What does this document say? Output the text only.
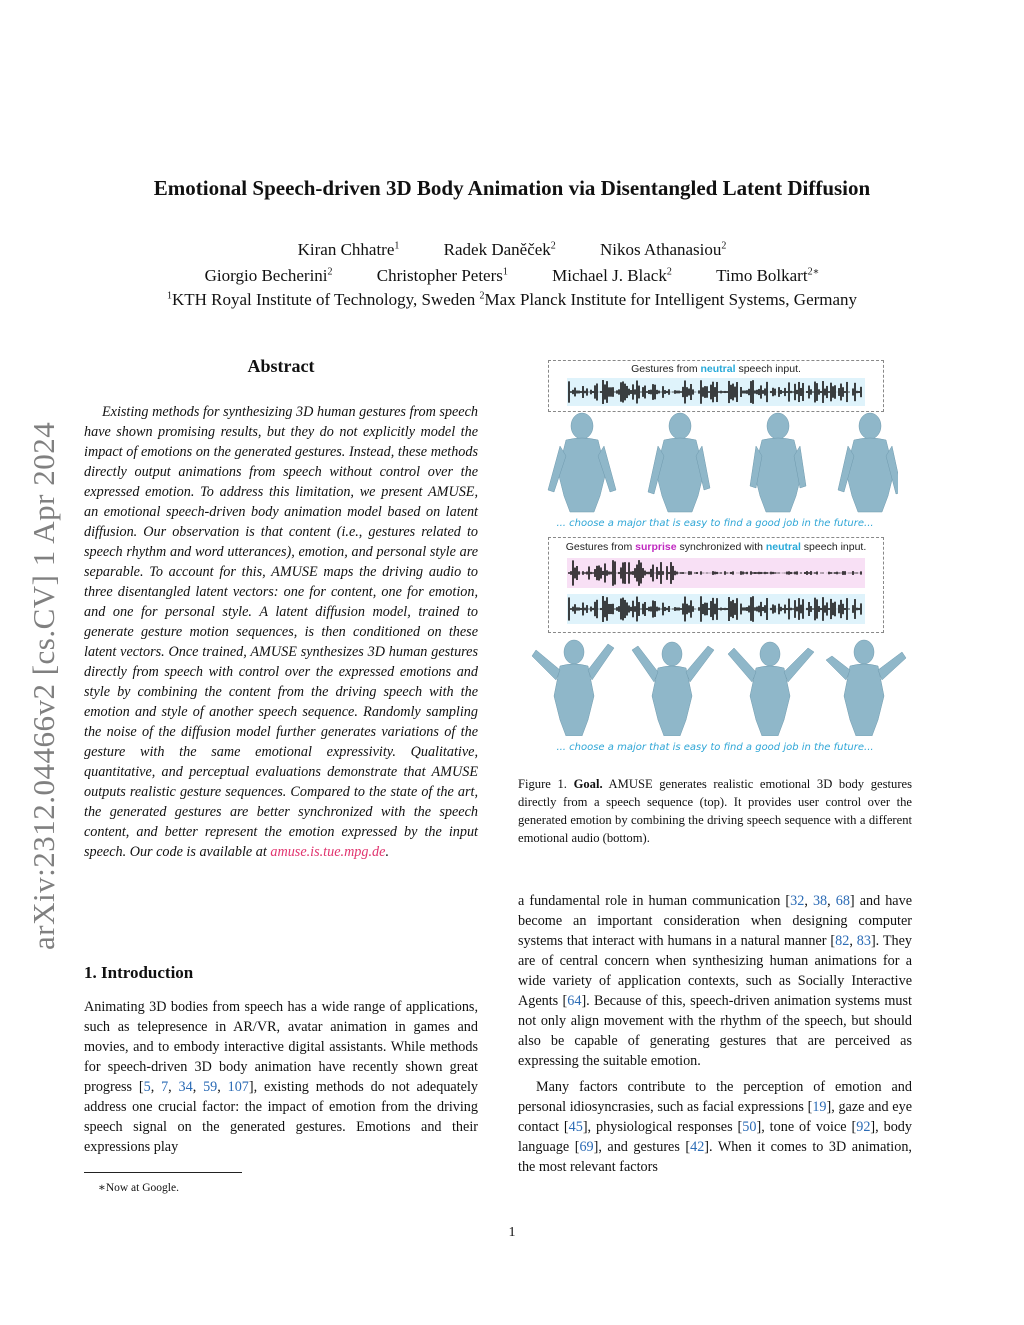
Emotional Speech-driven 3D Body Animation via Disentangled Latent Diffusion
Kiran Chhatre$^1$	Radek Daněček$^2$	Nikos Athanasiou$^2$
Giorgio Becherini$^2$	Christopher Peters$^1$	Michael J. Black$^2$	Timo Bolkart$^{2∗}$
$^1$KTH Royal Institute of Technology, Sweden $^2$Max Planck Institute for Intelligent Systems, Germany
arXiv:2312.04466v2 [cs.CV] 1 Apr 2024
Abstract
Existing methods for synthesizing 3D human gestures from speech have shown promising results, but they do not explicitly model the impact of emotions on the generated gestures. Instead, these methods directly output animations from speech without control over the expressed emotion. To address this limitation, we present AMUSE, an emotional speech-driven body animation model based on latent diffusion. Our observation is that content (i.e., gestures related to speech rhythm and word utterances), emotion, and personal style are separable. To account for this, AMUSE maps the driving audio to three disentangled latent vectors: one for content, one for emotion, and one for personal style. A latent diffusion model, trained to generate gesture motion sequences, is then conditioned on these latent vectors. Once trained, AMUSE synthesizes 3D human gestures directly from speech with control over the expressed emotions and style by combining the content from the driving speech with the emotion and style of another speech sequence. Randomly sampling the noise of the diffusion model further generates variations of the gesture with the same emotional expressivity. Qualitative, quantitative, and perceptual evaluations demonstrate that AMUSE outputs realistic gesture sequences. Compared to the state of the art, the generated gestures are better synchronized with the speech content, and better represent the emotion expressed by the input speech. Our code is available at amuse.is.tue.mpg.de.
1. Introduction
Animating 3D bodies from speech has a wide range of applications, such as telepresence in AR/VR, avatar animation in games and movies, and to embody interactive digital assistants. While methods for speech-driven 3D body animation have recently shown great progress [5, 7, 34, 59, 107], existing methods do not adequately address one crucial factor: the impact of emotion from the driving speech signal on the generated gestures. Emotions and their expressions play
∗Now at Google.
Gestures from neutral speech input.
... choose a major that is easy to find a good job in the future...
Gestures from surprise synchronized with neutral speech input.
... choose a major that is easy to find a good job in the future...
Figure 1. Goal. AMUSE generates realistic emotional 3D body gestures directly from a speech sequence (top). It provides user control over the generated emotion by combining the driving speech sequence with a different emotional audio (bottom).

a fundamental role in human communication [32, 38, 68] and have become an important consideration when designing computer systems that interact with humans in a natural manner [82, 83]. They are of central concern when synthesizing human animations for a wide variety of application contexts, such as Socially Interactive Agents [64]. Because of this, speech-driven animation systems must not only align movement with the rhythm of the speech, but should also be capable of generating gestures that are perceived as expressing the suitable emotion.

Many factors contribute to the perception of emotion and personal idiosyncrasies, such as facial expressions [19], gaze and eye contact [45], physiological responses [50], tone of voice [92], body language [69], and gestures [42]. When it comes to 3D animation, the most relevant factors

1
